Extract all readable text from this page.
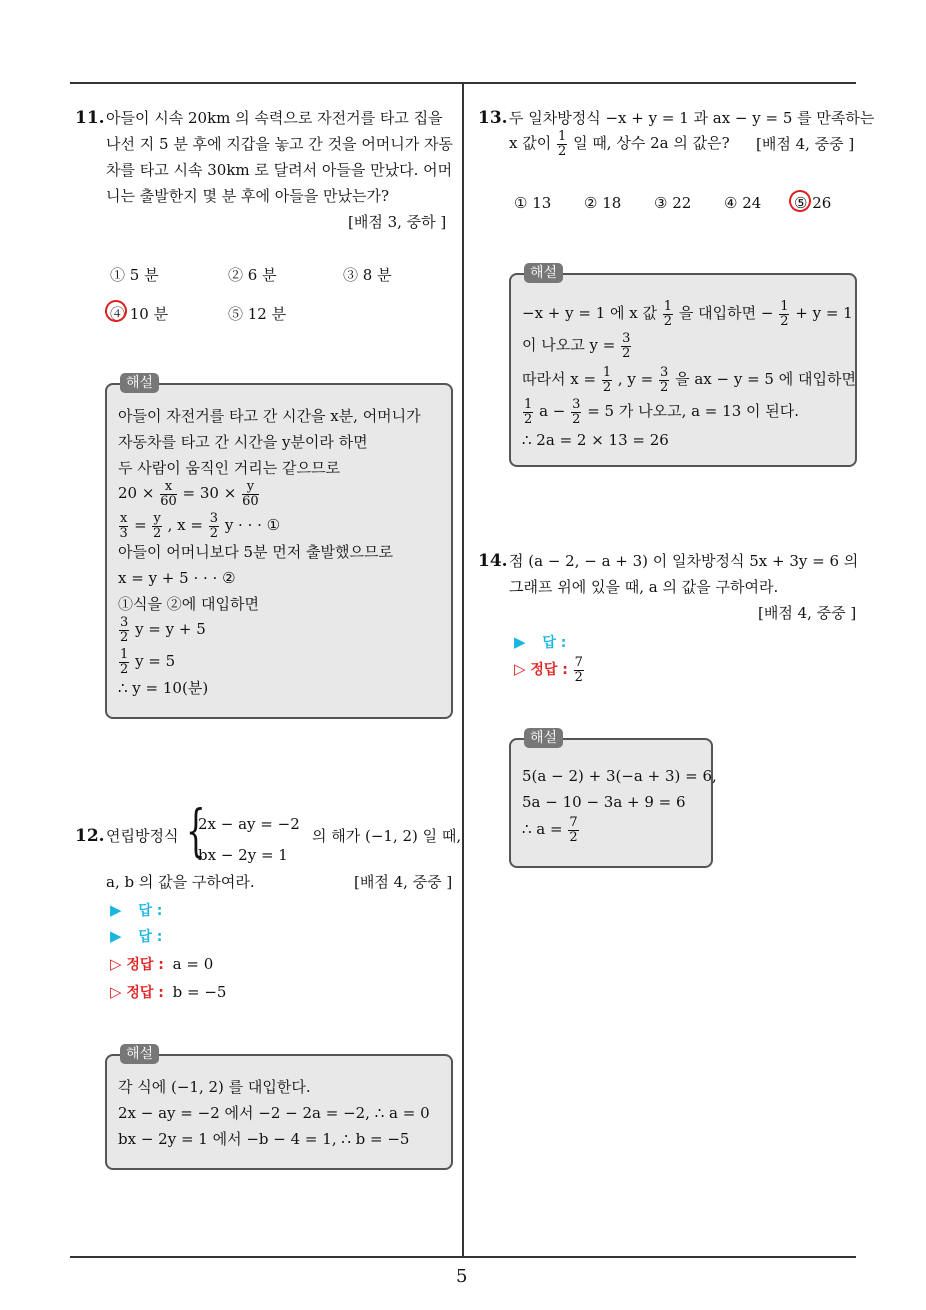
5
11. 아들이 시속 20km 의 속력으로 자전거를 타고 집을
나선 지 5 분 후에 지갑을 놓고 간 것을 어머니가 자동
차를 타고 시속 30km 로 달려서 아들을 만났다. 어머
니는 출발한지 몇 분 후에 아들을 만났는가?
[배점 3, 중하 ]
① 5 분	② 6 분	③ 8 분
④ 10 분	⑤ 12 분
해설
아들이 자전거를 타고 간 시간을 x분, 어머니가
자동차를 타고 간 시간을 y분이라 하면
두 사람이 움직인 거리는 같으므로
$20 \times \frac{x}{60} = 30 \times \frac{y}{60}$
$\frac{x}{3} = \frac{y}{2}$ , $x = \frac{3}{2}$ y · · · ①
아들이 어머니보다 5분 먼저 출발했으므로
x = y + 5 · · · ②
①식을 ②에 대입하면
$\frac{3}{2}$ y = y + 5
$\frac{1}{2}$ y = 5
∴ y = 10(분)
12. 연립방정식 {
2x − ay = −2
bx − 2y = 1
의 해가 (−1, 2) 일 때,
a, b 의 값을 구하여라.	[배점 4, 중중 ]
▶ 답 :
▶ 답 :
▷ 정답 : a = 0
▷ 정답 : b = −5
해설
각 식에 (−1, 2) 를 대입한다.
2x − ay = −2 에서 −2 − 2a = −2, ∴ a = 0
bx − 2y = 1 에서 −b − 4 = 1, ∴ b = −5
13. 두 일차방정식 −x + y = 1 과 ax − y = 5 를 만족하는
x 값이 $\frac{1}{2}$ 일 때, 상수 2a 의 값은? [배점 4, 중중 ]
① 13 ② 18 ③ 22 ④ 24 ⑤ 26
해설
−x + y = 1 에 x 값 $\frac{1}{2}$ 을 대입하면 − $\frac{1}{2} + y = 1$
이 나오고 $y = \frac{3}{2}$
따라서 $x = \frac{1}{2}$ , $y = \frac{3}{2}$ 을 ax − y = 5 에 대입하면
$\frac{1}{2}$ $a - \frac{3}{2} = 5$ 가 나오고, a = 13 이 된다.
∴ 2a = 2 × 13 = 26
14. 점 (a − 2, − a + 3) 이 일차방정식 5x + 3y = 6 의
그래프 위에 있을 때, a 의 값을 구하여라.
[배점 4, 중중 ]
▶ 답 :
▷ 정답 : $\frac{7}{2}$
해설
5(a − 2) + 3(−a + 3) = 6,
5a − 10 − 3a + 9 = 6
∴ $a = \frac{7}{2}$
